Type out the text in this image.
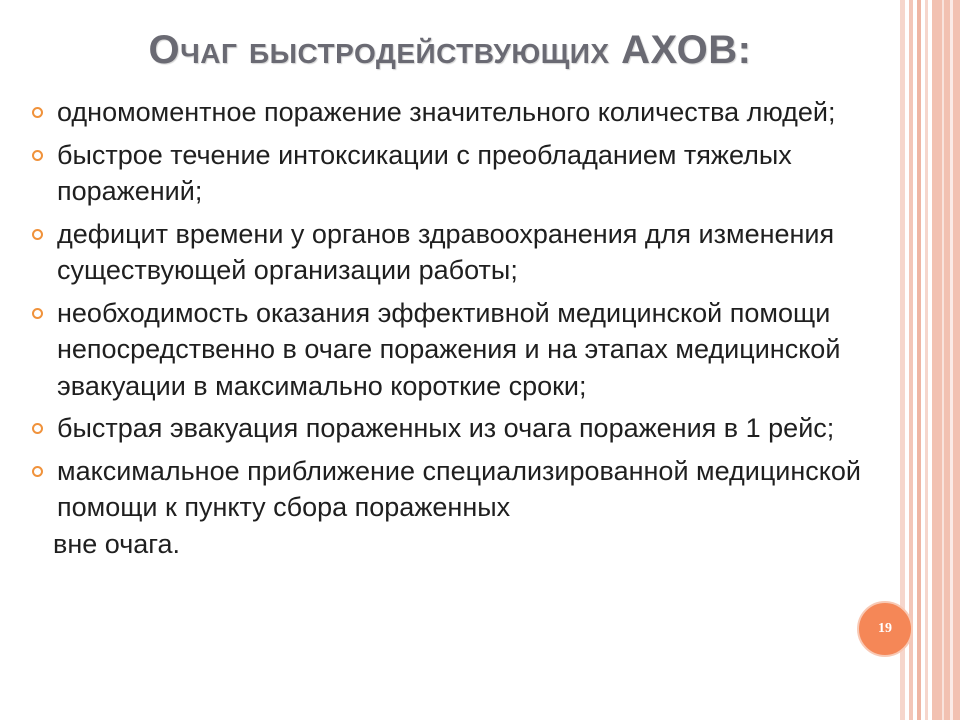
Очаг быстродействующих АХОВ:
одномоментное поражение значительного количества людей;
быстрое течение интоксикации с преобладанием тяжелых поражений;
дефицит времени у органов здравоохранения для изменения существующей организации работы;
необходимость оказания эффективной медицинской помощи непосредственно в очаге поражения и на этапах медицинской эвакуации в максимально короткие сроки;
быстрая эвакуация пораженных из очага поражения в 1 рейс;
максимальное приближение специализированной медицинской помощи к пункту сбора пораженных
вне очага.
19
